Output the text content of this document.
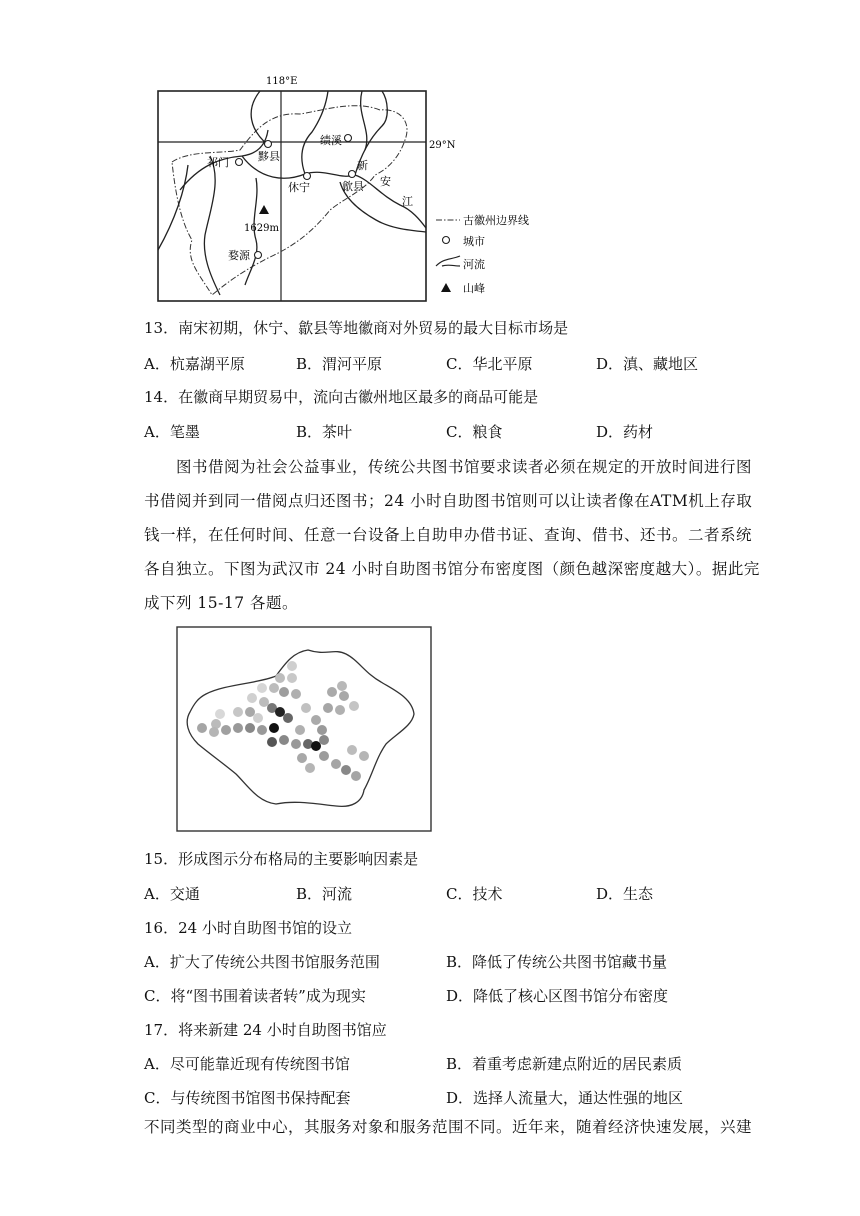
118°E
29°N
新
安
江
黟县
祁门
绩溪
休宁	歙县
婺源
1629m
古徽州边界线
城市
河流
山峰
13．南宋初期，休宁、歙县等地徽商对外贸易的最大目标市场是
A．杭嘉湖平原	B．渭河平原	C．华北平原	D．滇、藏地区
14．在徽商早期贸易中，流向古徽州地区最多的商品可能是
A．笔墨	B．茶叶	C．粮食	D．药材
图书借阅为社会公益事业，传统公共图书馆要求读者必须在规定的开放时间进行图
书借阅并到同一借阅点归还图书；24 小时自助图书馆则可以让读者像在ATM机上存取
钱一样，在任何时间、任意一台设备上自助申办借书证、查询、借书、还书。二者系统
各自独立。下图为武汉市 24 小时自助图书馆分布密度图（颜色越深密度越大）。据此完
成下列 15-17 各题。
15．形成图示分布格局的主要影响因素是
A．交通	B．河流	C．技术	D．生态
16．24 小时自助图书馆的设立
A．扩大了传统公共图书馆服务范围	B．降低了传统公共图书馆藏书量
C．将“图书围着读者转”成为现实	D．降低了核心区图书馆分布密度
17．将来新建 24 小时自助图书馆应
A．尽可能靠近现有传统图书馆	B．着重考虑新建点附近的居民素质
C．与传统图书馆图书保持配套	D．选择人流量大，通达性强的地区
不同类型的商业中心，其服务对象和服务范围不同。近年来，随着经济快速发展，兴建
